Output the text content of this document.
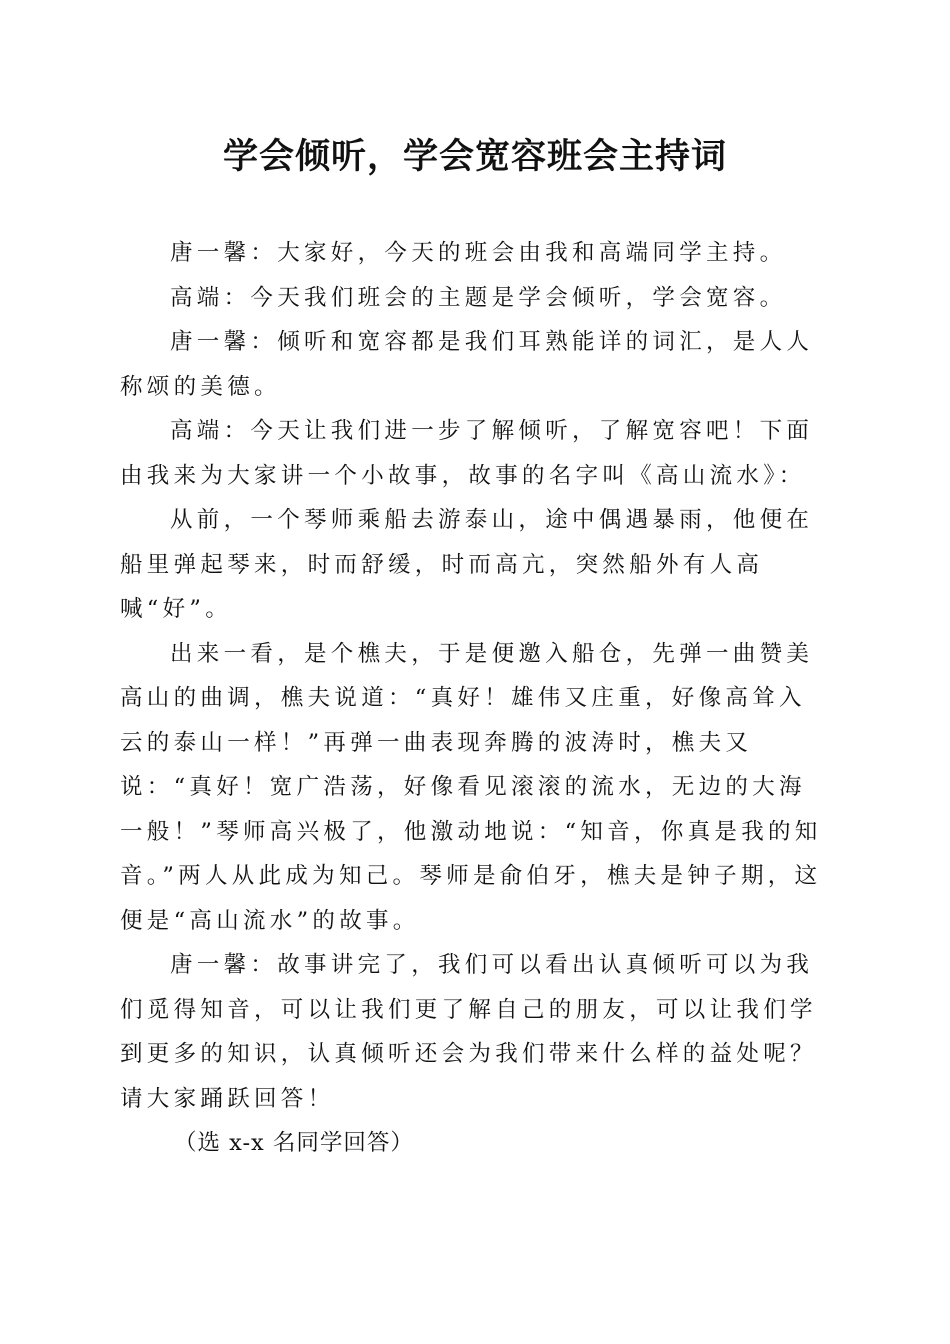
学会倾听，学会宽容班会主持词

唐一馨：大家好，今天的班会由我和高端同学主持。

高端：今天我们班会的主题是学会倾听，学会宽容。

唐一馨：倾听和宽容都是我们耳熟能详的词汇，是人人称颂的美德。

高端：今天让我们进一步了解倾听，了解宽容吧！下面由我来为大家讲一个小故事，故事的名字叫《高山流水》：

从前，一个琴师乘船去游泰山，途中偶遇暴雨，他便在船里弹起琴来，时而舒缓，时而高亢，突然船外有人高喊“好”。

出来一看，是个樵夫，于是便邀入船仓，先弹一曲赞美高山的曲调，樵夫说道：“真好！雄伟又庄重，好像高耸入云的泰山一样！”再弹一曲表现奔腾的波涛时，樵夫又说：“真好！宽广浩荡，好像看见滚滚的流水，无边的大海一般！”琴师高兴极了，他激动地说：“知音，你真是我的知音。”两人从此成为知己。琴师是俞伯牙，樵夫是钟子期，这便是“高山流水”的故事。

唐一馨：故事讲完了，我们可以看出认真倾听可以为我们觅得知音，可以让我们更了解自己的朋友，可以让我们学到更多的知识，认真倾听还会为我们带来什么样的益处呢？请大家踊跃回答！

（选 x-x 名同学回答）
